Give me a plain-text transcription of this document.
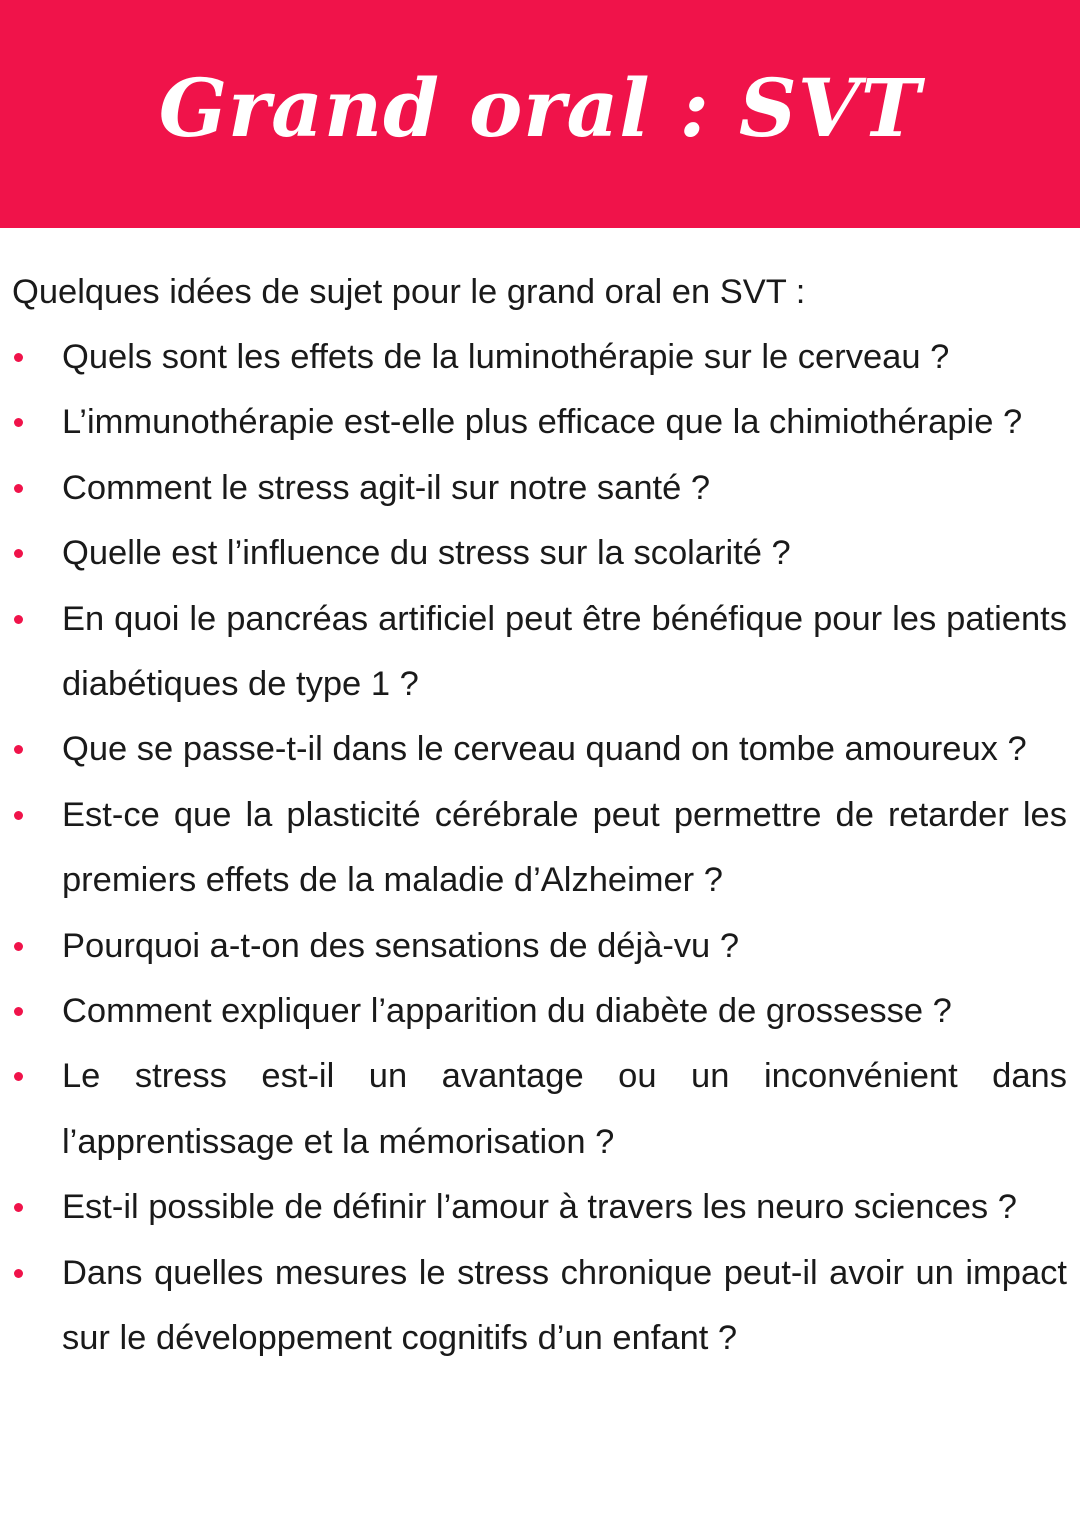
Grand oral : SVT
Quelques idées de sujet pour le grand oral en SVT :
Quels sont les effets de la luminothérapie sur le cerveau ?
L’immunothérapie est-elle plus efficace que la chimiothérapie ?
Comment le stress agit-il sur notre santé ?
Quelle est l’influence du stress sur la scolarité ?
En quoi le pancréas artificiel peut être bénéfique pour les patients diabétiques de type 1 ?
Que se passe-t-il dans le cerveau quand on tombe amoureux ?
Est-ce que la plasticité cérébrale peut permettre de retarder les premiers effets de la maladie d’Alzheimer ?
Pourquoi a-t-on des sensations de déjà-vu ?
Comment expliquer l’apparition du diabète de grossesse ?
Le stress est-il un avantage ou un inconvénient dans l’apprentissage et la mémorisation ?
Est-il possible de définir l’amour à travers les neuro sciences ?
Dans quelles mesures le stress chronique peut-il avoir un impact sur le développement cognitifs d’un enfant ?
